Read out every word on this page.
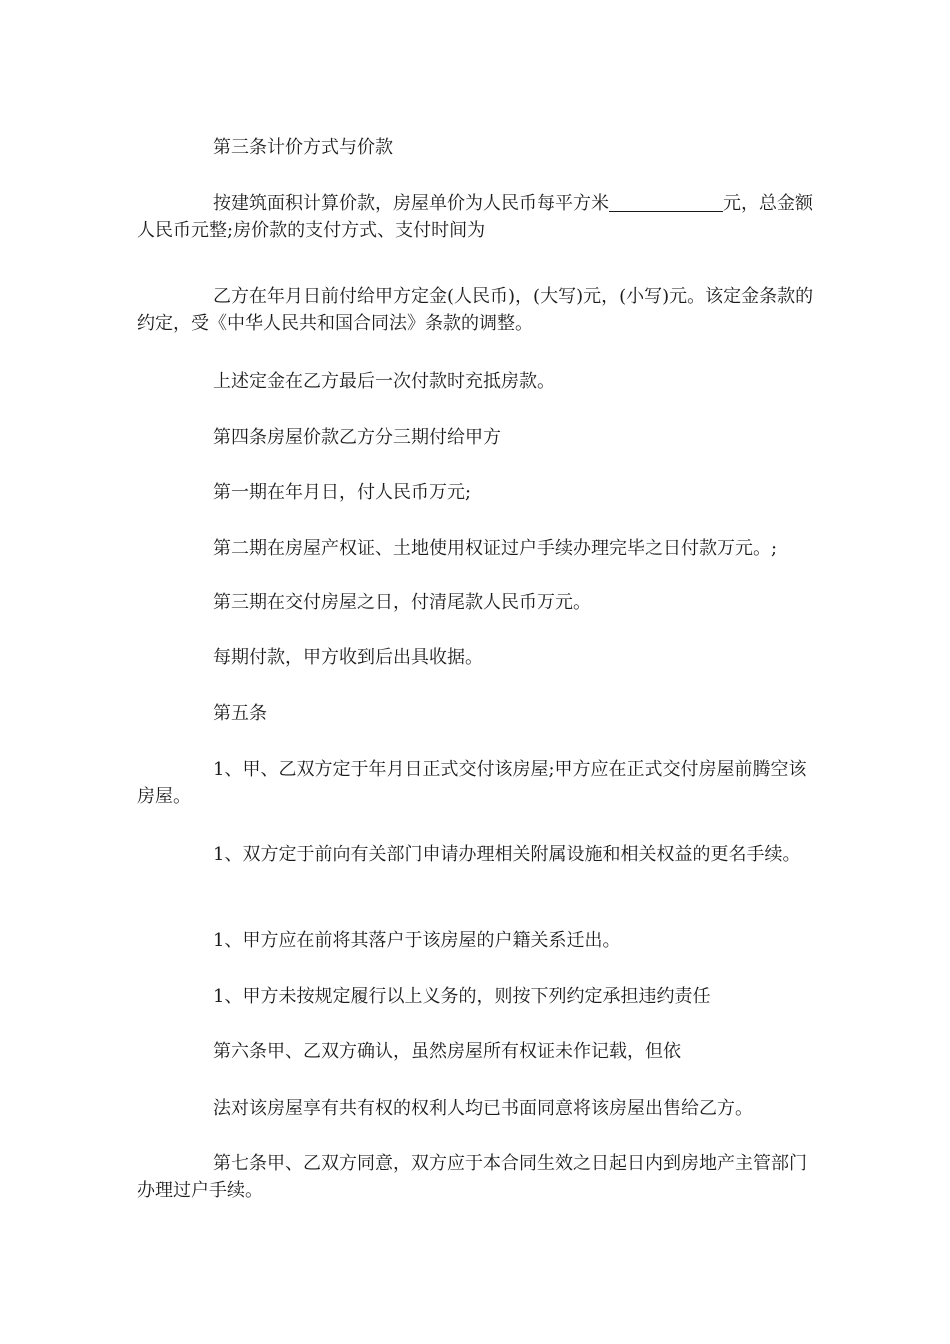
第三条计价方式与价款
按建筑面积计算价款，房屋单价为人民币每平方米	元，总金额人民币元整;房价款的支付方式、支付时间为
乙方在年月日前付给甲方定金(人民币)，(大写)元，(小写)元。该定金条款的约定，受《中华人民共和国合同法》条款的调整。
上述定金在乙方最后一次付款时充抵房款。
第四条房屋价款乙方分三期付给甲方
第一期在年月日，付人民币万元;
第二期在房屋产权证、土地使用权证过户手续办理完毕之日付款万元。;
第三期在交付房屋之日，付清尾款人民币万元。
每期付款，甲方收到后出具收据。
第五条
1、甲、乙双方定于年月日正式交付该房屋;甲方应在正式交付房屋前腾空该房屋。
1、双方定于前向有关部门申请办理相关附属设施和相关权益的更名手续。
1、甲方应在前将其落户于该房屋的户籍关系迁出。
1、甲方未按规定履行以上义务的，则按下列约定承担违约责任
第六条甲、乙双方确认，虽然房屋所有权证未作记载，但依
法对该房屋享有共有权的权利人均已书面同意将该房屋出售给乙方。
第七条甲、乙双方同意，双方应于本合同生效之日起日内到房地产主管部门办理过户手续。
